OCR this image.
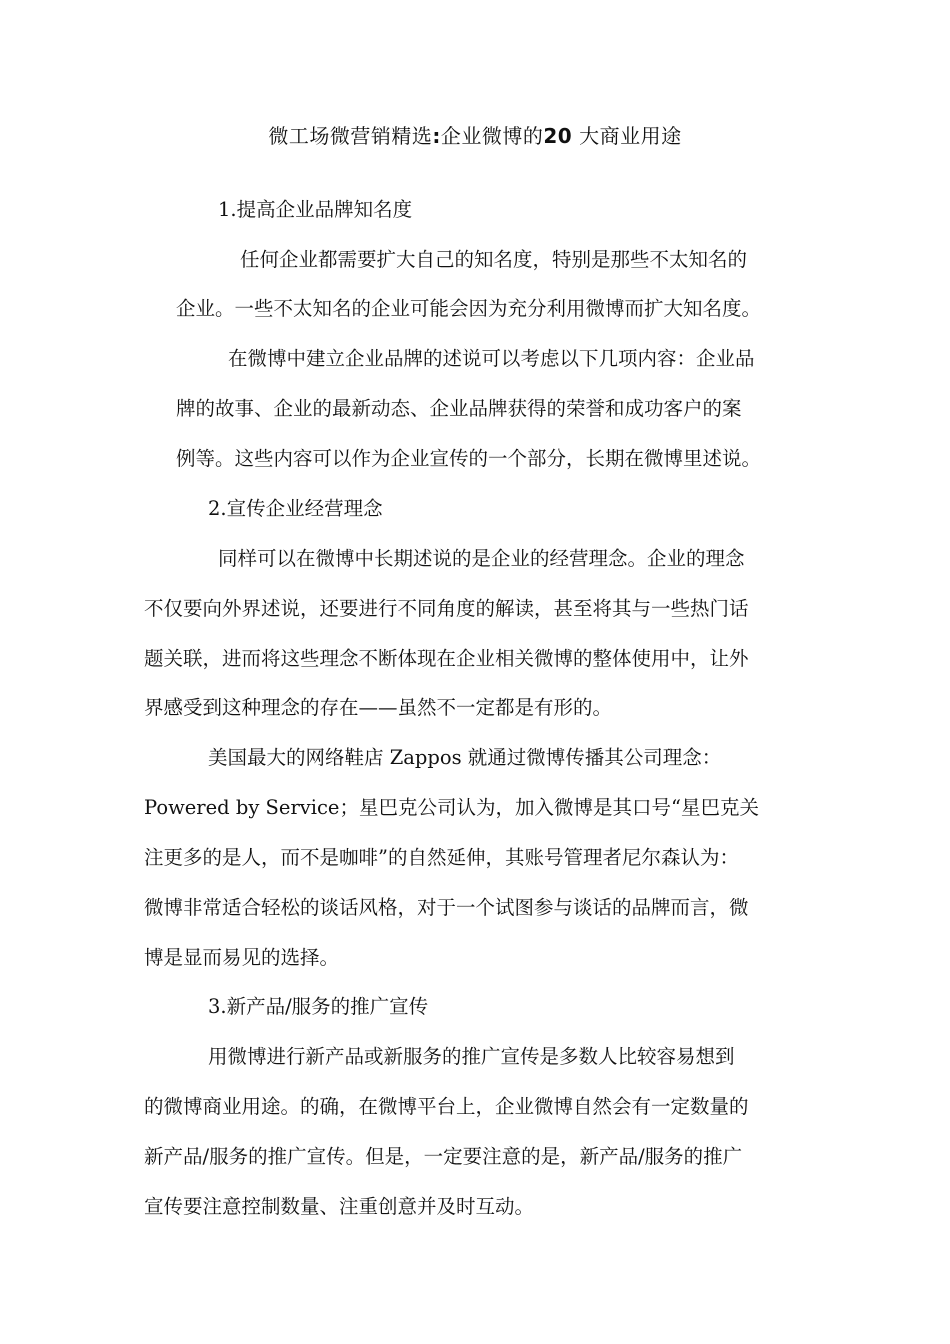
微工场微营销精选:企业微博的20 大商业用途
1.提高企业品牌知名度
任何企业都需要扩大自己的知名度，特别是那些不太知名的
企业。一些不太知名的企业可能会因为充分利用微博而扩大知名度。
在微博中建立企业品牌的述说可以考虑以下几项内容：企业品
牌的故事、企业的最新动态、企业品牌获得的荣誉和成功客户的案
例等。这些内容可以作为企业宣传的一个部分，长期在微博里述说。
2.宣传企业经营理念
同样可以在微博中长期述说的是企业的经营理念。企业的理念
不仅要向外界述说，还要进行不同角度的解读，甚至将其与一些热门话
题关联，进而将这些理念不断体现在企业相关微博的整体使用中，让外
界感受到这种理念的存在——虽然不一定都是有形的。
美国最大的网络鞋店 Zappos 就通过微博传播其公司理念：
Powered by Service；星巴克公司认为，加入微博是其口号“星巴克关
注更多的是人，而不是咖啡”的自然延伸，其账号管理者尼尔森认为：
微博非常适合轻松的谈话风格，对于一个试图参与谈话的品牌而言，微
博是显而易见的选择。
3.新产品/服务的推广宣传
用微博进行新产品或新服务的推广宣传是多数人比较容易想到
的微博商业用途。的确，在微博平台上，企业微博自然会有一定数量的
新产品/服务的推广宣传。但是，一定要注意的是，新产品/服务的推广
宣传要注意控制数量、注重创意并及时互动。
